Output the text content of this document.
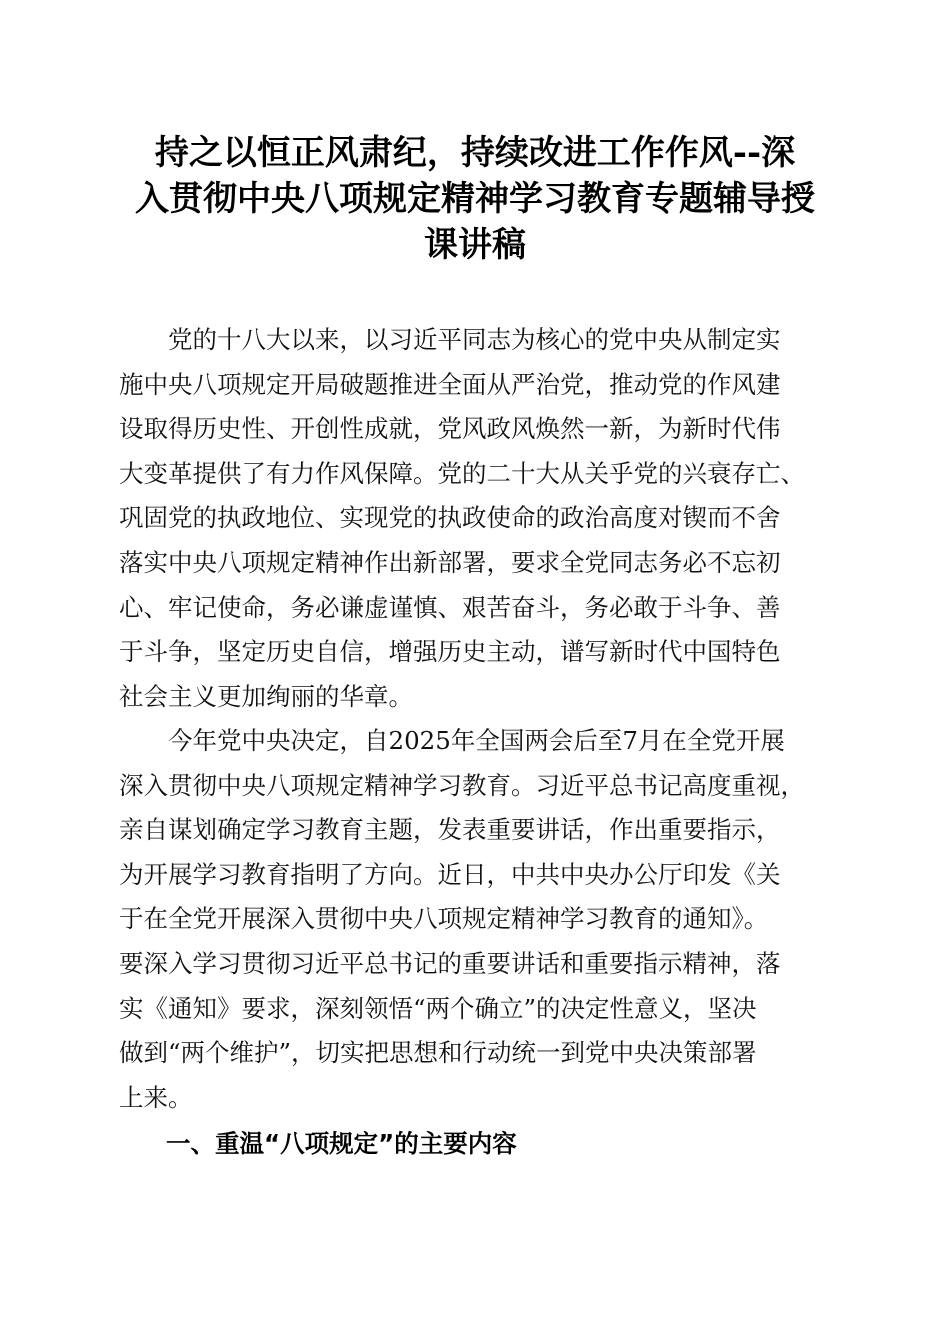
持之以恒正风肃纪，持续改进工作作风--深
入贯彻中央八项规定精神学习教育专题辅导授
课讲稿
　　党的十八大以来，以习近平同志为核心的党中央从制定实
施中央八项规定开局破题推进全面从严治党，推动党的作风建
设取得历史性、开创性成就，党风政风焕然一新，为新时代伟
大变革提供了有力作风保障。党的二十大从关乎党的兴衰存亡、
巩固党的执政地位、实现党的执政使命的政治高度对锲而不舍
落实中央八项规定精神作出新部署，要求全党同志务必不忘初
心、牢记使命，务必谦虚谨慎、艰苦奋斗，务必敢于斗争、善
于斗争，坚定历史自信，增强历史主动，谱写新时代中国特色
社会主义更加绚丽的华章。
　　今年党中央决定，自2025年全国两会后至7月在全党开展
深入贯彻中央八项规定精神学习教育。习近平总书记高度重视，
亲自谋划确定学习教育主题，发表重要讲话，作出重要指示，
为开展学习教育指明了方向。近日，中共中央办公厅印发《关
于在全党开展深入贯彻中央八项规定精神学习教育的通知》。
要深入学习贯彻习近平总书记的重要讲话和重要指示精神，落
实《通知》要求，深刻领悟“两个确立”的决定性意义，坚决
做到“两个维护”，切实把思想和行动统一到党中央决策部署
上来。
一、重温“八项规定”的主要内容
